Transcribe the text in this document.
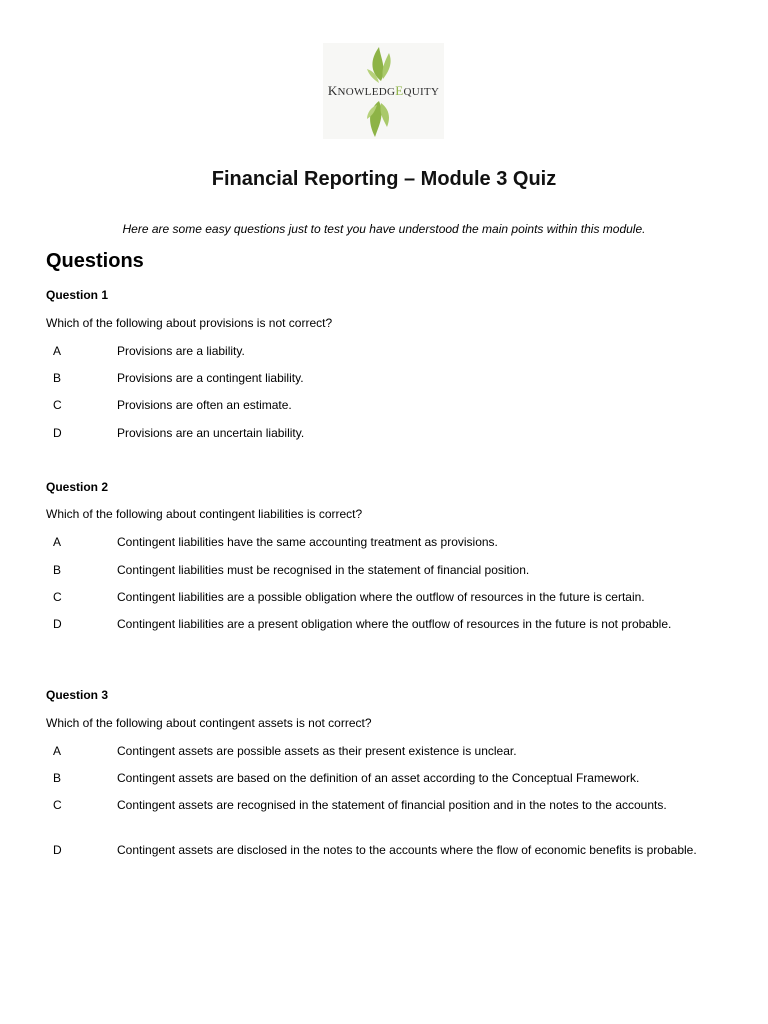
KNOWLEDGEQUITY
Financial Reporting – Module 3 Quiz
Here are some easy questions just to test you have understood the main points within this module.
Questions
Question 1
Which of the following about provisions is not correct?
A	Provisions are a liability.
B	Provisions are a contingent liability.
C	Provisions are often an estimate.
D	Provisions are an uncertain liability.
Question 2
Which of the following about contingent liabilities is correct?
A	Contingent liabilities have the same accounting treatment as provisions.
B	Contingent liabilities must be recognised in the statement of financial position.
C	Contingent liabilities are a possible obligation where the outflow of resources in the future is certain.
D	Contingent liabilities are a present obligation where the outflow of resources in the future is not probable.
Question 3
Which of the following about contingent assets is not correct?
A	Contingent assets are possible assets as their present existence is unclear.
B	Contingent assets are based on the definition of an asset according to the Conceptual Framework.
C	Contingent assets are recognised in the statement of financial position and in the notes to the accounts.
D	Contingent assets are disclosed in the notes to the accounts where the flow of economic benefits is probable.
